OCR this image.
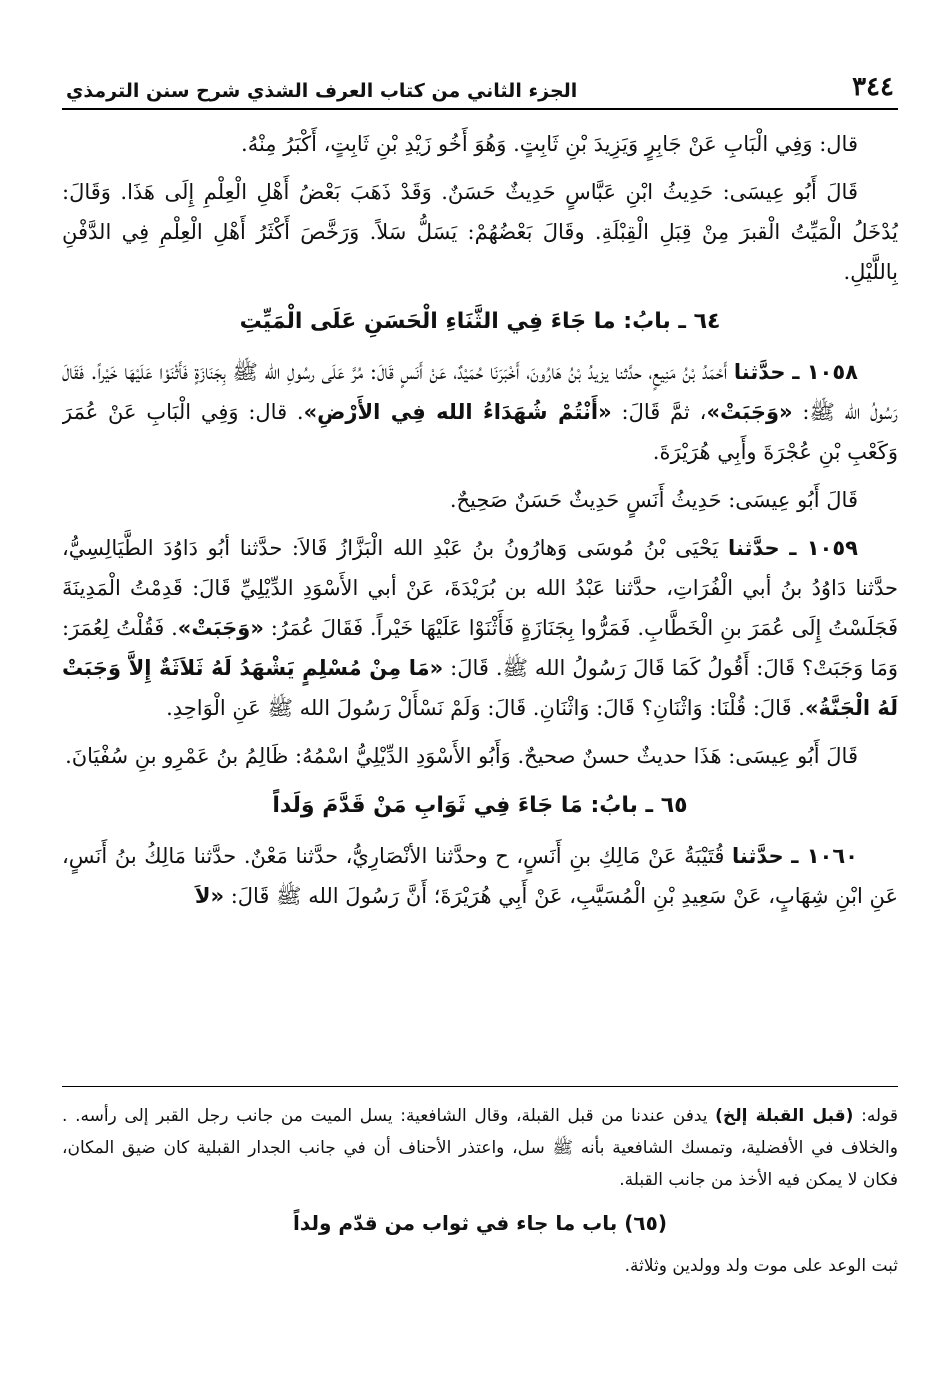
٣٤٤
الجزء الثاني من كتاب العرف الشذي شرح سنن الترمذي

قال: وَفِي الْبَابِ عَنْ جَابِرٍ وَيَزِيدَ بْنِ ثَابِتٍ. وَهُوَ أَخُو زَيْدِ بْنِ ثَابِتٍ، أَكْبَرُ مِنْهُ.

قَالَ أَبُو عِيسَى: حَدِيثُ ابْنِ عَبَّاسٍ حَدِيثٌ حَسَنٌ. وَقَدْ ذَهَبَ بَعْضُ أَهْلِ الْعِلْمِ إِلَى هَذَا. وَقَالَ: يُدْخَلُ الْمَيِّتُ الْقبرَ مِنْ قِبَلِ الْقِبْلَةِ. وقَالَ بَعْضُهُمْ: يَسَلُّ سَلاً. وَرَخَّصَ أَكْثَرُ أَهْلِ الْعِلْمِ فِي الدَّفْنِ بِاللَّيْلِ.

٦٤ ـ بابُ: ما جَاءَ فِي الثَّنَاءِ الْحَسَنِ عَلَى الْمَيِّتِ

١٠٥٨ ـ حدَّثنا أَحْمَدُ بْنُ مَنِيعٍ، حدَّثنا يزيدُ بْنُ هَارُونَ، أَخْبَرَنَا حُمَيْدٌ، عَنْ أَنَسٍ قَالَ: مُرَّ عَلَى رسُولِ الله ﷺ بِجَنَازَةٍ فَأَثْنَوْا عَلَيْهَا خَيْراً. فَقَالَ رَسُولُ الله ﷺ: «وَجَبَتْ»، ثمَّ قَالَ: «أَنْتُمْ شُهَدَاءُ الله فِي الأَرْضِ». قال: وَفِي الْبَابِ عَنْ عُمَرَ وَكَعْبِ بْنِ عُجْرَةَ وأَبِي هُرَيْرَةَ.

قَالَ أَبُو عِيسَى: حَدِيثُ أَنَسٍ حَدِيثٌ حَسَنٌ صَحِيحٌ.

١٠٥٩ ـ حدَّثنا يَحْيَى بْنُ مُوسَى وَهارُونُ بنُ عَبْدِ الله الْبَزَّازُ قَالاَ: حدَّثنا أبُو دَاوُدَ الطَّيَالِسِيُّ، حدَّثنا دَاوُدُ بنُ أبي الْفُرَاتِ، حدَّثنا عَبْدُ الله بن بُرَيْدَةَ، عَنْ أبي الأَسْوَدِ الدِّيْلِيِّ قَالَ: قَدِمْتُ الْمَدِينَةَ فَجَلَسْتُ إِلَى عُمَرَ بنِ الْخَطَّابِ. فَمَرُّوا بِجَنَازَةٍ فَأَثْنَوْا عَلَيْهَا خَيْراً. فَقَالَ عُمَرُ: «وَجَبَتْ». فَقُلْتُ لِعُمَرَ: وَمَا وَجَبَتْ؟ قَالَ: أَقُولُ كَمَا قَالَ رَسُولُ الله ﷺ. قَالَ: «مَا مِنْ مُسْلِمٍ يَشْهَدُ لَهُ ثَلاَثَةٌ إِلاَّ وَجَبَتْ لَهُ الْجَنَّةُ». قَالَ: قُلْنَا: وَاثْنَانِ؟ قَالَ: وَاثْنَانِ. قَالَ: وَلَمْ نَسْأَلْ رَسُولَ الله ﷺ عَنِ الْوَاحِدِ.

قَالَ أَبُو عِيسَى: هَذَا حديثٌ حسنٌ صحيحٌ. وَأَبُو الأَسْوَدِ الدِّيْلِيُّ اسْمُهُ: ظَالِمُ بنُ عَمْرِو بنِ سُفْيَانَ.

٦٥ ـ بابُ: مَا جَاءَ فِي ثَوَابِ مَنْ قَدَّمَ وَلَداً

١٠٦٠ ـ حدَّثنا قُتَيْبَةُ عَنْ مَالِكِ بنِ أَنَسٍ، ح وحدَّثنا الأنْصَارِيُّ، حدَّثنا مَعْنٌ. حدَّثنا مَالِكُ بنُ أَنَسٍ، عَنِ ابْنِ شِهَابٍ، عَنْ سَعِيدِ بْنِ الْمُسَيَّبِ، عَنْ أَبِي هُرَيْرَةَ؛ أَنَّ رَسُولَ الله ﷺ قَالَ: «لاَ

قوله: (قبل القبلة إلخ) يدفن عندنا من قبل القبلة، وقال الشافعية: يسل الميت من جانب رجل القبر إلى رأسه. . والخلاف في الأفضلية، وتمسك الشافعية بأنه ﷺ سل، واعتذر الأحناف أن في جانب الجدار القبلية كان ضيق المكان، فكان لا يمكن فيه الأخذ من جانب القبلة.

(٦٥) باب ما جاء في ثواب من قدّم ولداً

ثبت الوعد على موت ولد وولدين وثلاثة.
